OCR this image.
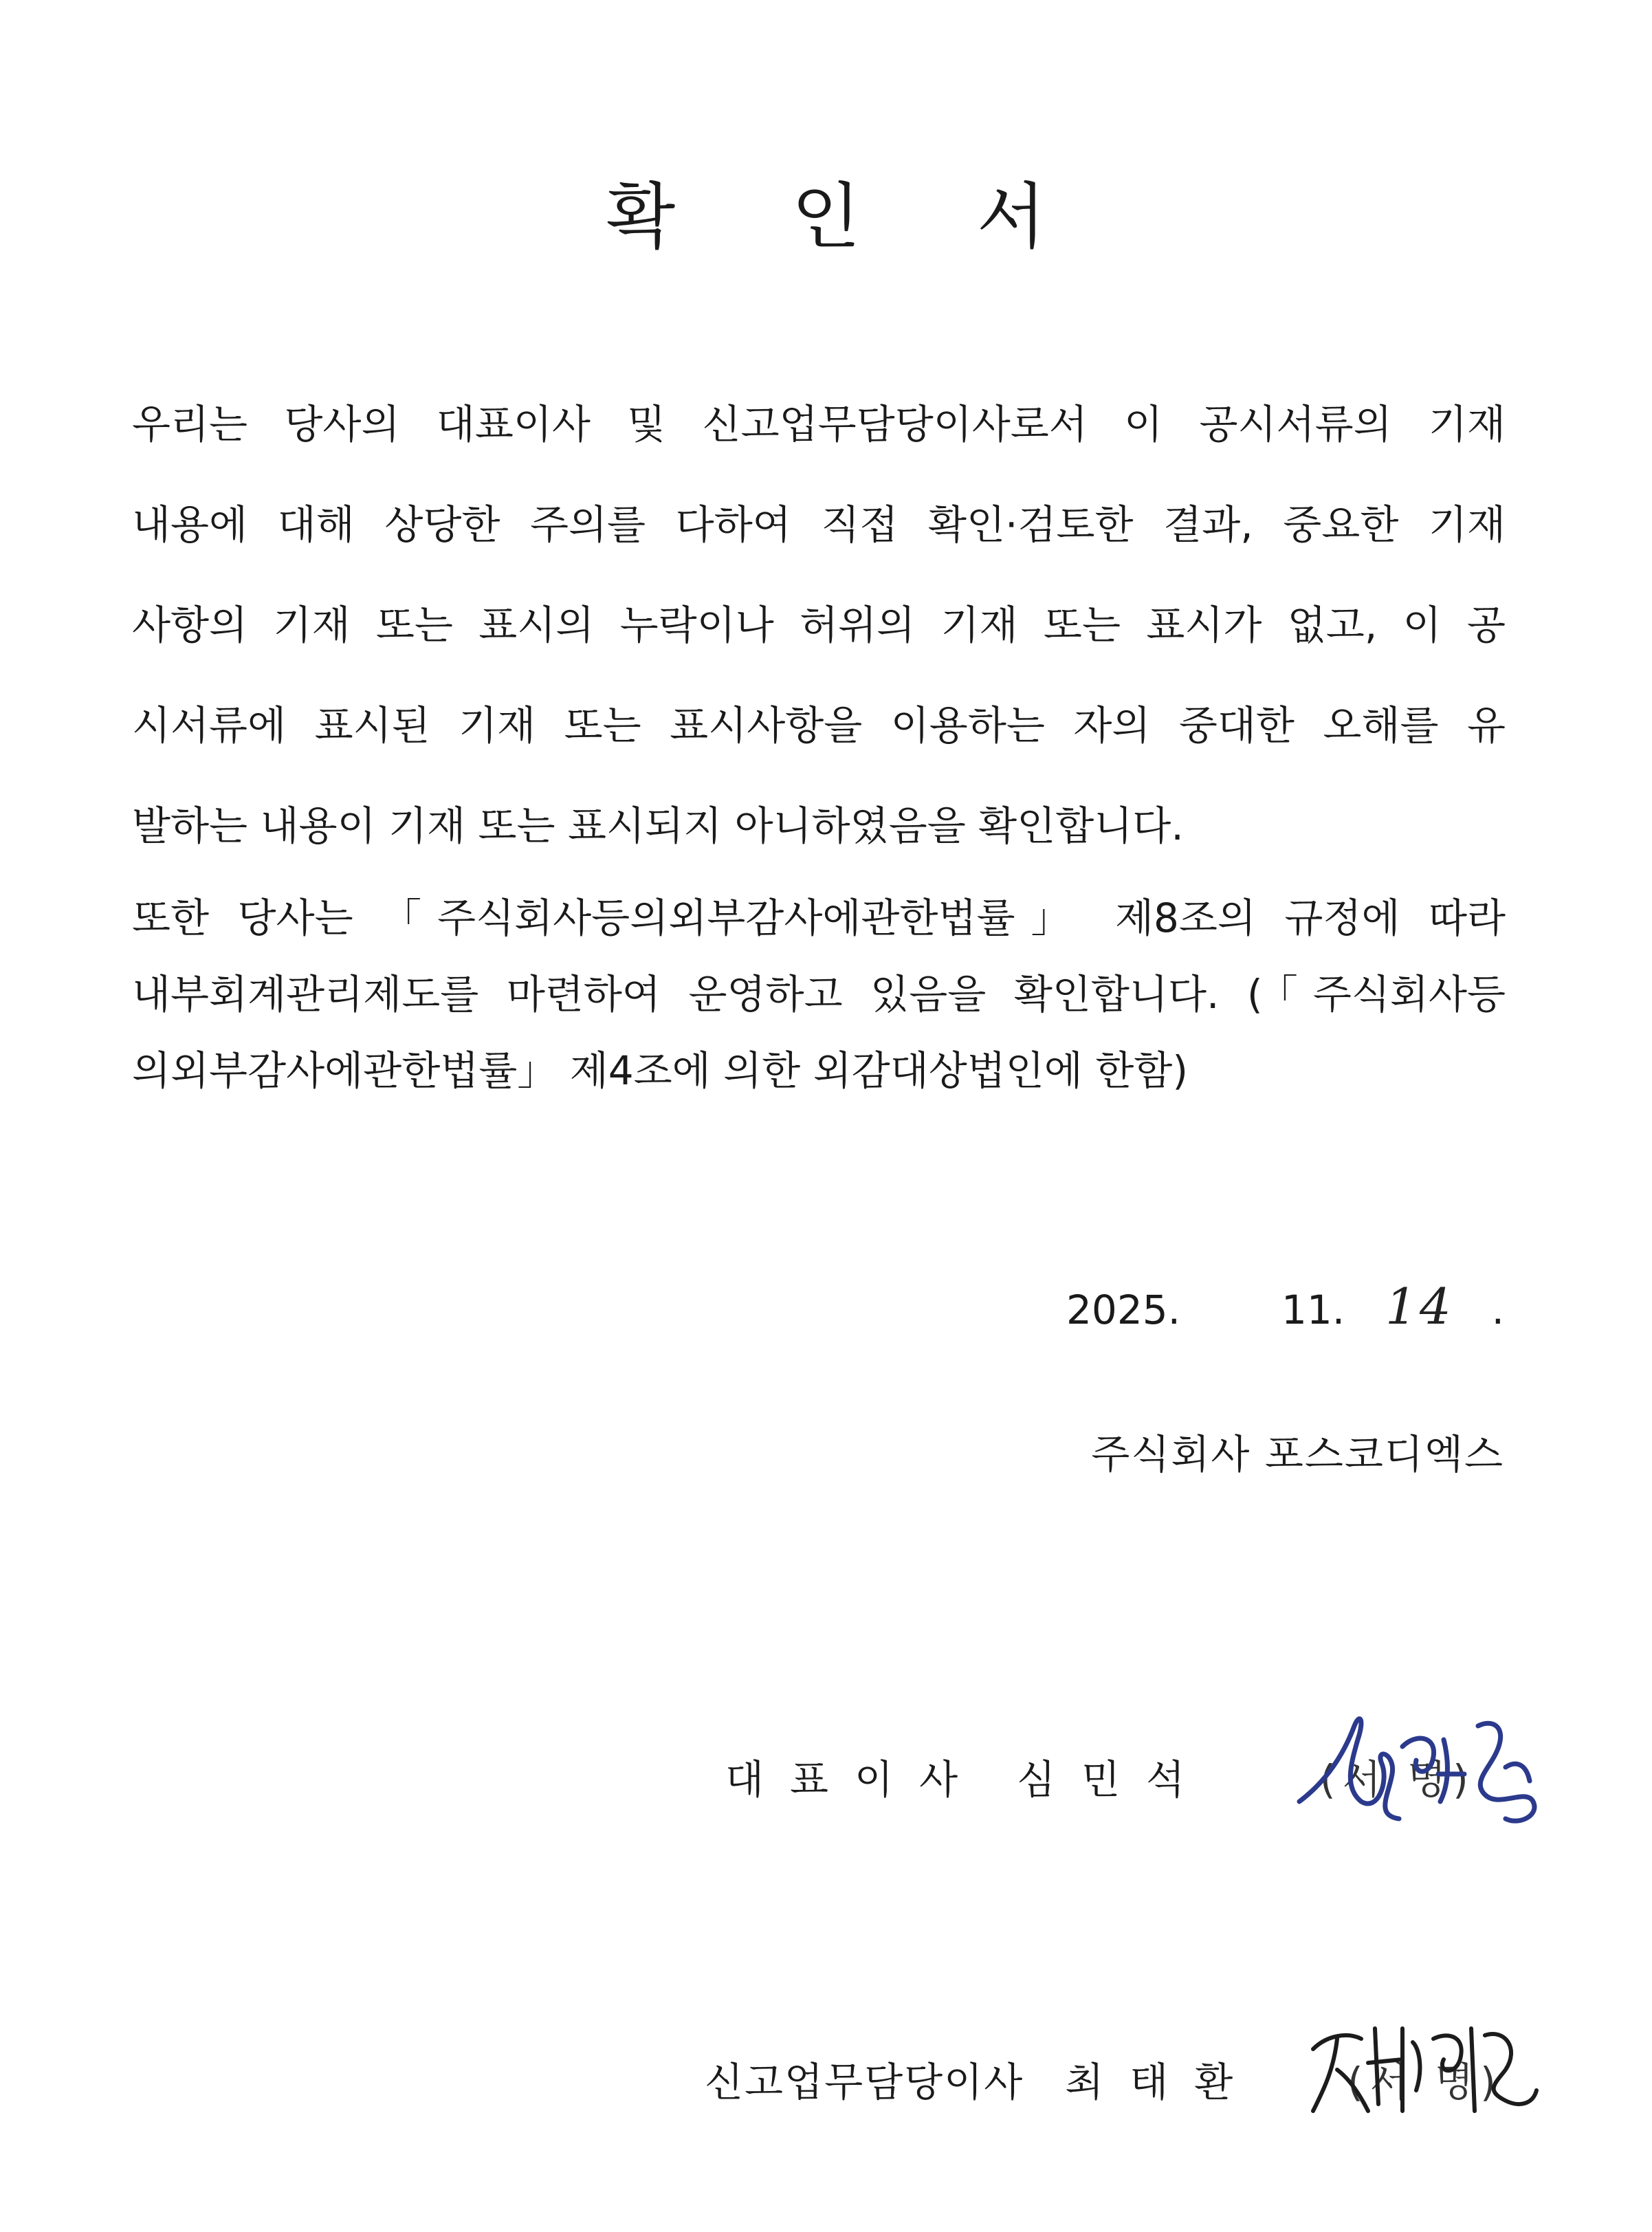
확 인 서
우리는 당사의 대표이사 및 신고업무담당이사로서 이 공시서류의 기재
내용에 대해 상당한 주의를 다하여 직접 확인·검토한 결과, 중요한 기재
사항의 기재 또는 표시의 누락이나 허위의 기재 또는 표시가 없고, 이 공
시서류에 표시된 기재 또는 표시사항을 이용하는 자의 중대한 오해를 유
발하는 내용이 기재 또는 표시되지 아니하였음을 확인합니다.
또한 당사는 「주식회사등의외부감사에관한법률」 제8조의 규정에 따라
내부회계관리제도를 마련하여 운영하고 있음을 확인합니다. (「주식회사등
의외부감사에관한법률」 제4조에 의한 외감대상법인에 한함)
2025.	11. 14 .
주식회사 포스코디엑스
대표이사 심민석	(서 명)
신고업무담당이사 최태환 (서 명)
